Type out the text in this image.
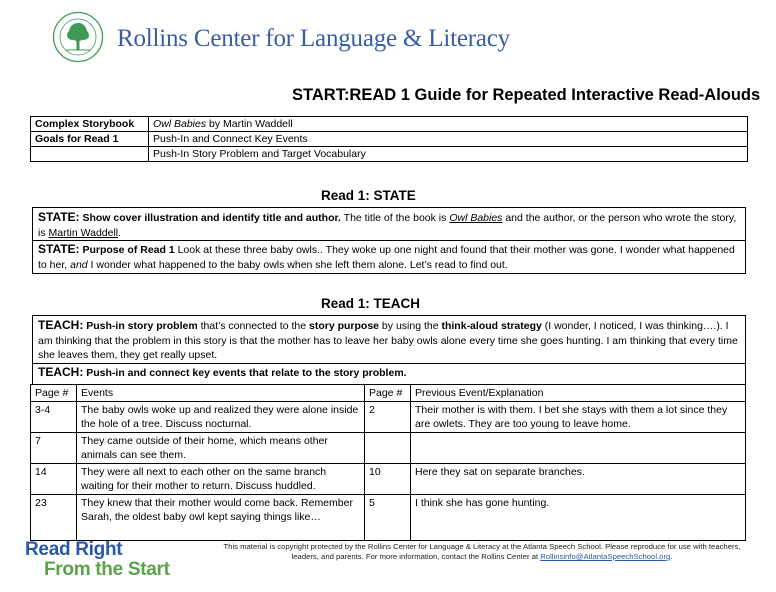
Rollins Center for Language & Literacy
START:READ 1 Guide for Repeated Interactive Read-Alouds
Complex Storybook	Owl Babies by Martin Waddell
Goals for Read 1	Push-In and Connect Key Events
	Push-In Story Problem and Target Vocabulary
Read 1: STATE
STATE: Show cover illustration and identify title and author. The title of the book is Owl Babies and the author, or the person who wrote the story, is Martin Waddell.
STATE: Purpose of Read 1 Look at these three baby owls.. They woke up one night and found that their mother was gone. I wonder what happened to her, and I wonder what happened to the baby owls when she left them alone. Let’s read to find out.
Read 1: TEACH
TEACH: Push-in story problem that’s connected to the story purpose by using the think-aloud strategy (I wonder, I noticed, I was thinking….). I am thinking that the problem in this story is that the mother has to leave her baby owls alone every time she goes hunting. I am thinking that every time she leaves them, they get really upset.
TEACH: Push-in and connect key events that relate to the story problem.
Page #	Events	Page #	Previous Event/Explanation
3-4	The baby owls woke up and realized they were alone inside the hole of a tree. Discuss nocturnal.	2	Their mother is with them. I bet she stays with them a lot since they are owlets. They are too young to leave home.
7	They came outside of their home, which means other animals can see them.		
14	They were all next to each other on the same branch waiting for their mother to return. Discuss huddled.	10	Here they sat on separate branches.
23	They knew that their mother would come back. Remember Sarah, the oldest baby owl kept saying things like…	5	I think she has gone hunting.
Read Right
From the Start
This material is copyright protected by the Rollins Center for Language & Literacy at the Atlanta Speech School. Please reproduce for use with teachers, leaders, and parents. For more information, contact the Rollins Center at Rollinsinfo@AtlantaSpeechSchool.org.
